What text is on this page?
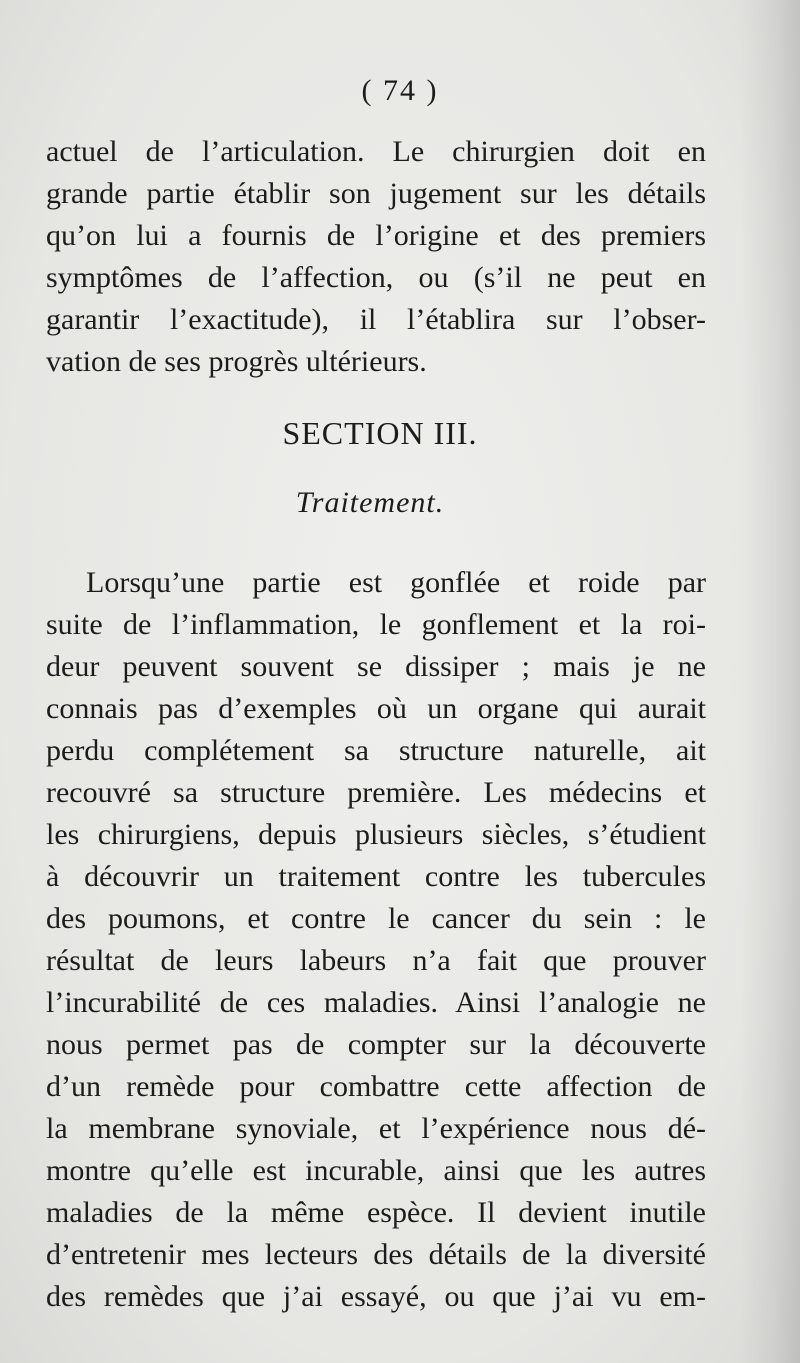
( 74 )
actuel de l’articulation. Le chirurgien doit en
grande partie établir son jugement sur les détails
qu’on lui a fournis de l’origine et des premiers
symptômes de l’affection, ou (s’il ne peut en
garantir l’exactitude), il l’établira sur l’obser-
vation de ses progrès ultérieurs.
SECTION III.
Traitement.
Lorsqu’une partie est gonflée et roide par
suite de l’inflammation, le gonflement et la roi-
deur peuvent souvent se dissiper ; mais je ne
connais pas d’exemples où un organe qui aurait
perdu complétement sa structure naturelle, ait
recouvré sa structure première. Les médecins et
les chirurgiens, depuis plusieurs siècles, s’étudient
à découvrir un traitement contre les tubercules
des poumons, et contre le cancer du sein : le
résultat de leurs labeurs n’a fait que prouver
l’incurabilité de ces maladies. Ainsi l’analogie ne
nous permet pas de compter sur la découverte
d’un remède pour combattre cette affection de
la membrane synoviale, et l’expérience nous dé-
montre qu’elle est incurable, ainsi que les autres
maladies de la même espèce. Il devient inutile
d’entretenir mes lecteurs des détails de la diversité
des remèdes que j’ai essayé, ou que j’ai vu em-
